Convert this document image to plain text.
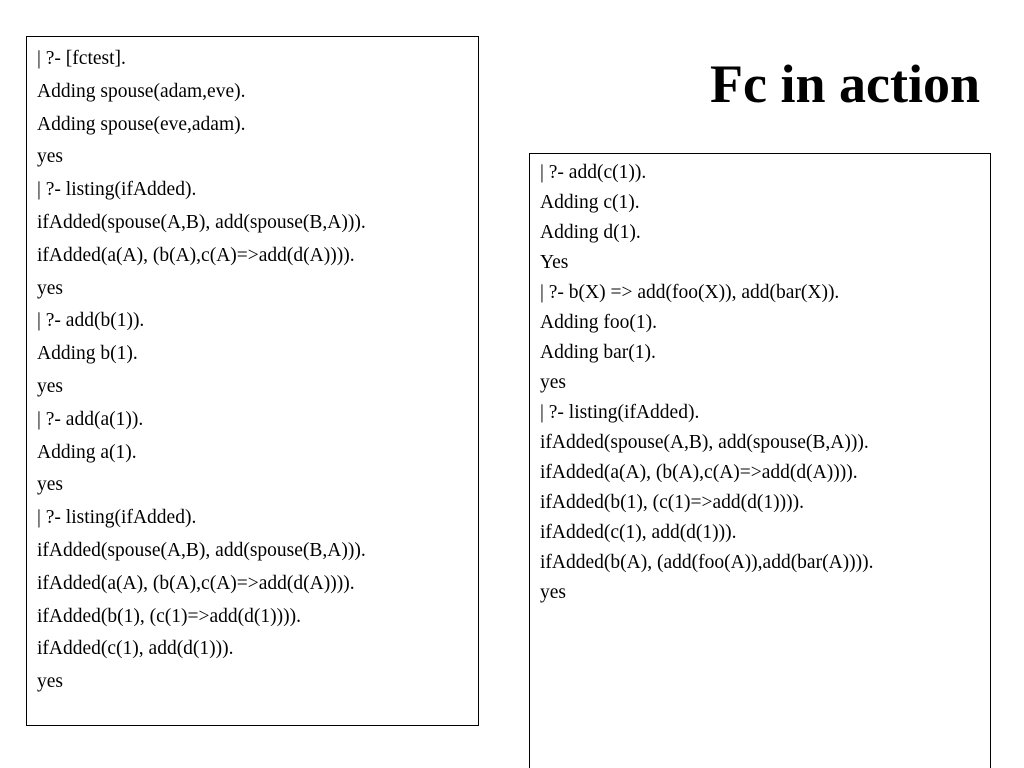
Fc in action
| ?- [fctest].
Adding spouse(adam,eve).
Adding spouse(eve,adam).
yes
| ?- listing(ifAdded).
ifAdded(spouse(A,B), add(spouse(B,A))).
ifAdded(a(A), (b(A),c(A)=>add(d(A)))).
yes
| ?- add(b(1)).
Adding b(1).
yes
| ?- add(a(1)).
Adding a(1).
yes
| ?- listing(ifAdded).
ifAdded(spouse(A,B), add(spouse(B,A))).
ifAdded(a(A), (b(A),c(A)=>add(d(A)))).
ifAdded(b(1), (c(1)=>add(d(1)))).
ifAdded(c(1), add(d(1))).
yes
| ?- add(c(1)).
Adding c(1).
Adding d(1).
Yes
| ?- b(X) => add(foo(X)), add(bar(X)).
Adding foo(1).
Adding bar(1).
yes
| ?- listing(ifAdded).
ifAdded(spouse(A,B), add(spouse(B,A))).
ifAdded(a(A), (b(A),c(A)=>add(d(A)))).
ifAdded(b(1), (c(1)=>add(d(1)))).
ifAdded(c(1), add(d(1))).
ifAdded(b(A), (add(foo(A)),add(bar(A)))).
yes
